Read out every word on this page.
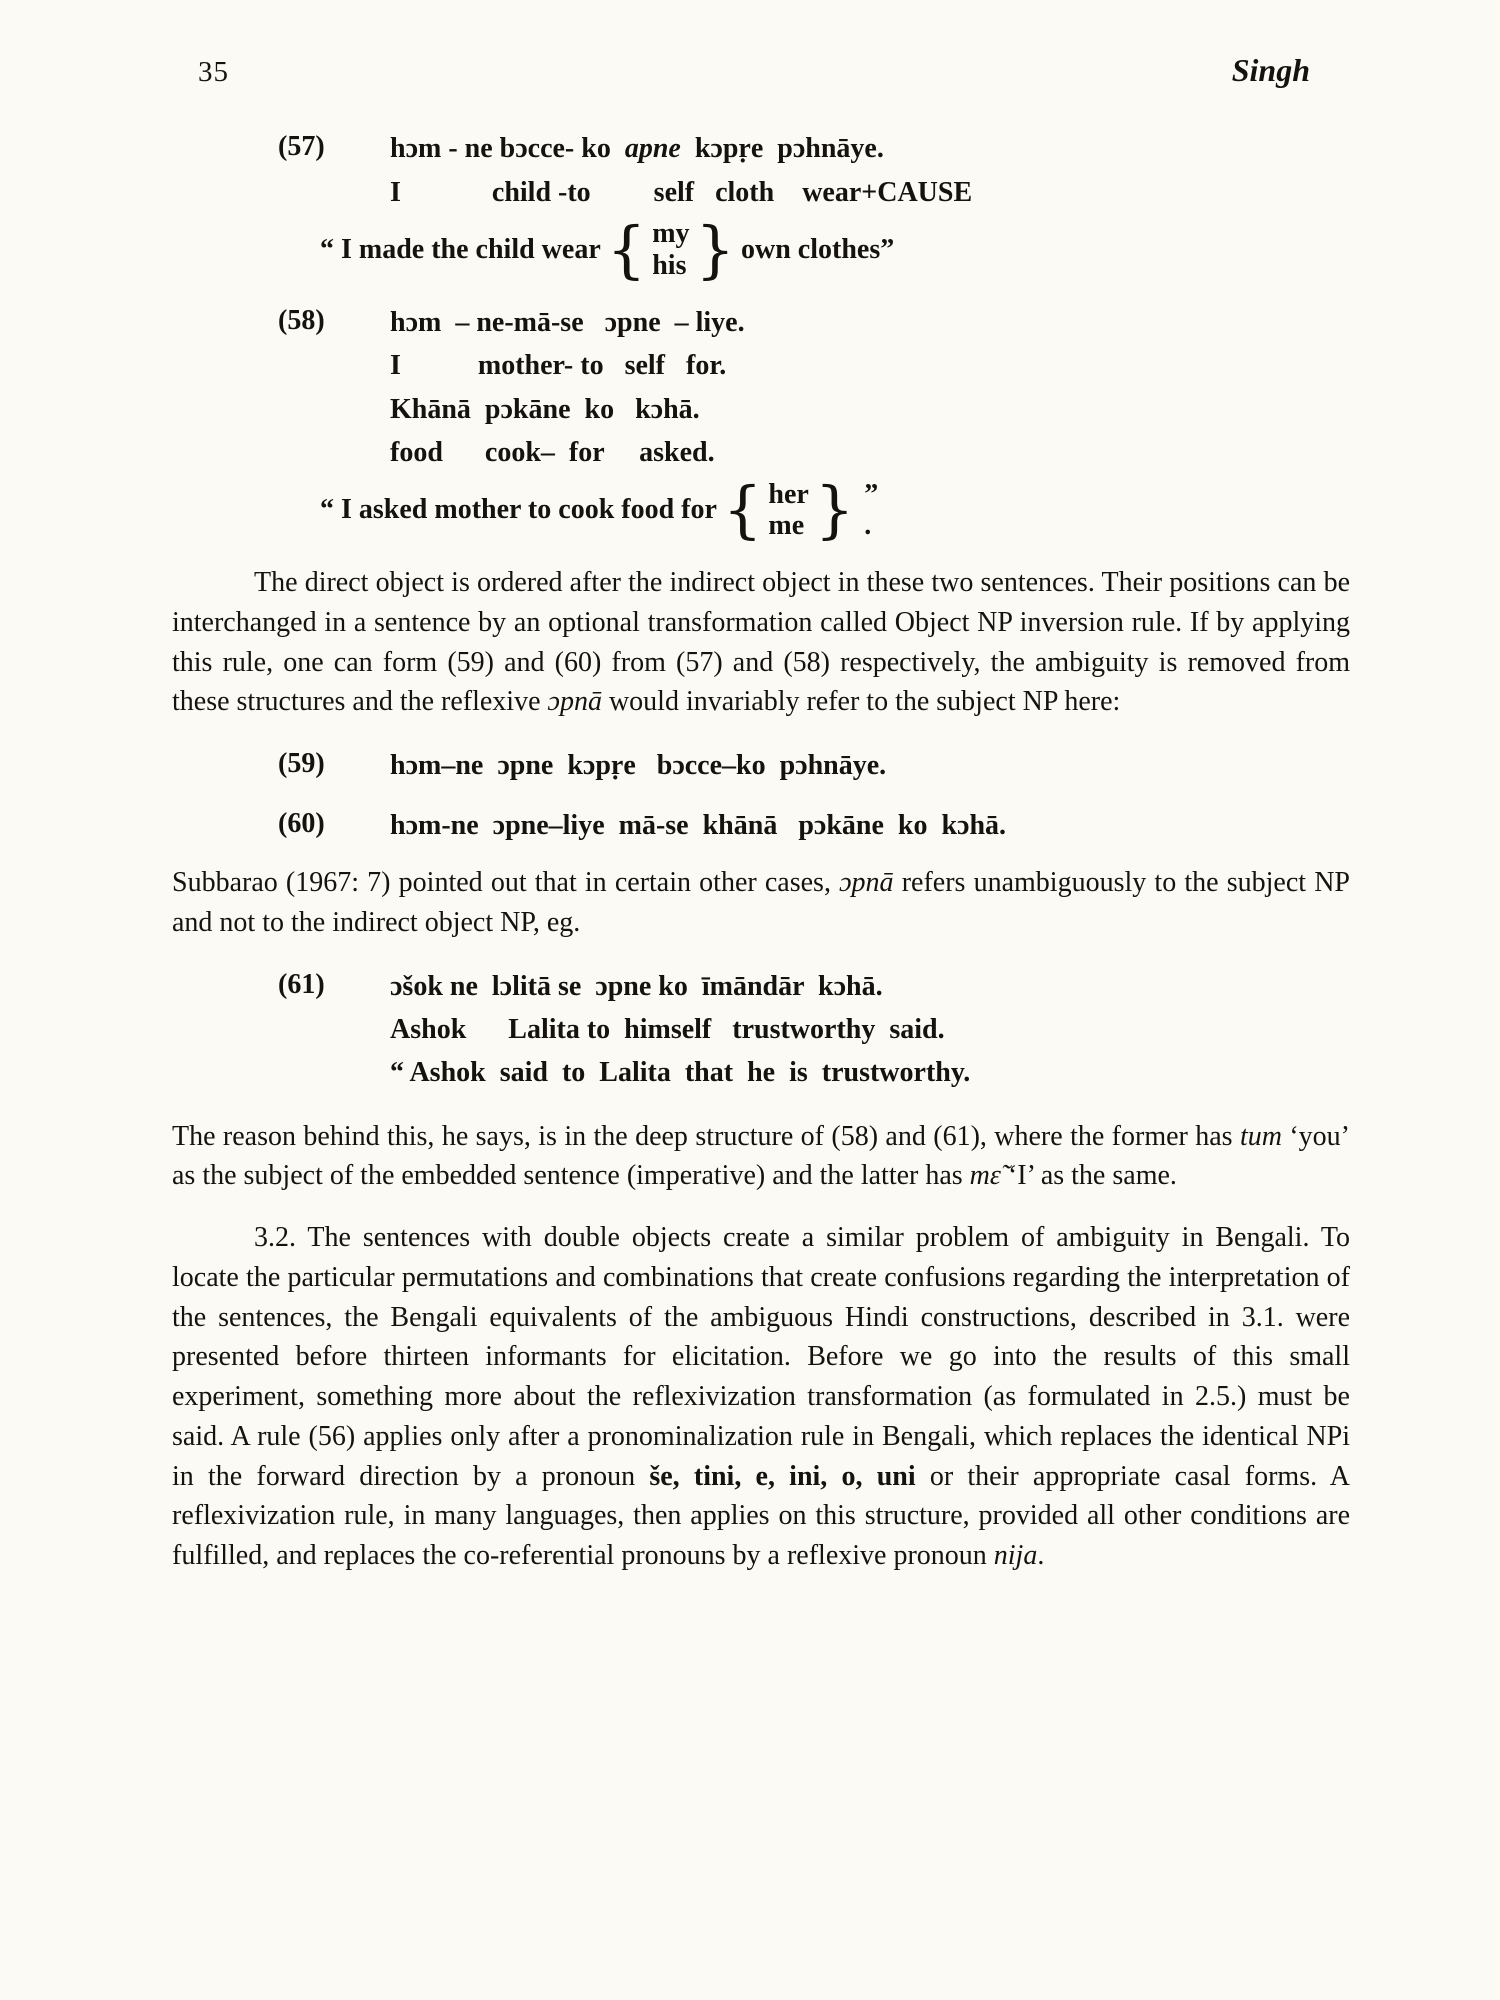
35	Singh
(57)	hɔm - ne bɔcce- ko  apne  kɔpṛe  pɔhnāye.
I             child -to         self   cloth    wear+CAUSE
“ I made the child wear { my
his } own clothes”
(58)	hɔm  – ne-mā-se   ɔpne  – liye.
I           mother- to   self   for.
Khānā  pɔkāne  ko   kɔhā.
food      cook–  for     asked.
“ I asked mother to cook food for { her
me } ”
.

The direct object is ordered after the indirect object in these two sentences. Their positions can be interchanged in a sentence by an optional transformation called Object NP inversion rule. If by applying this rule, one can form (59) and (60) from (57) and (58) respectively, the ambiguity is removed from these structures and the reflexive ɔpnā would invariably refer to the subject NP here:

(59)	hɔm–ne  ɔpne  kɔpṛe   bɔcce–ko  pɔhnāye.
(60)	hɔm-ne  ɔpne–liye  mā-se  khānā   pɔkāne  ko  kɔhā.

Subbarao (1967: 7) pointed out that in certain other cases, ɔpnā refers unambiguously to the subject NP and not to the indirect object NP, eg.

(61)	ɔšok ne  lɔlitā se  ɔpne ko  īmāndār  kɔhā.
Ashok      Lalita to  himself   trustworthy  said.
“ Ashok  said  to  Lalita  that  he  is  trustworthy.

The reason behind this, he says, is in the deep structure of (58) and (61), where the former has tum ‘you’ as the subject of the embedded sentence (imperative) and the latter has mɛ̃ ‘I’ as the same.

3.2. The sentences with double objects create a similar problem of ambiguity in Bengali. To locate the particular permutations and combinations that create confusions regarding the interpretation of the sentences, the Bengali equivalents of the ambiguous Hindi constructions, described in 3.1. were presented before thirteen informants for elicitation. Before we go into the results of this small experiment, something more about the reflexivization transformation (as formulated in 2.5.) must be said. A rule (56) applies only after a pronominalization rule in Bengali, which replaces the identical NPi in the forward direction by a pronoun še, tini, e, ini, o, uni or their appropriate casal forms. A reflexivization rule, in many languages, then applies on this structure, provided all other conditions are fulfilled, and replaces the co-referential pronouns by a reflexive pronoun nija.
